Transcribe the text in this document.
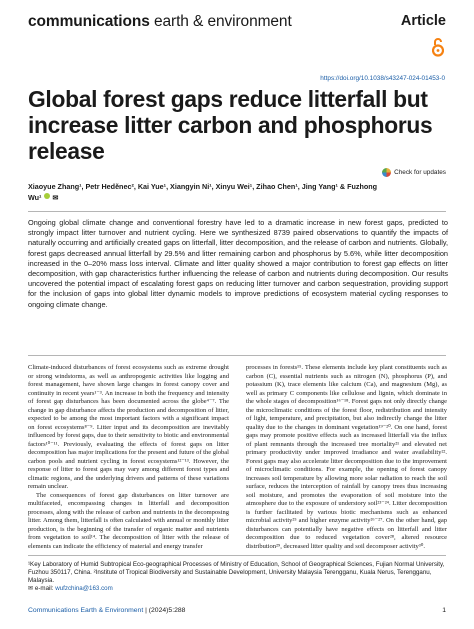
communications earth & environment	Article
https://doi.org/10.1038/s43247-024-01453-0
Global forest gaps reduce litterfall but increase litter carbon and phosphorus release
Check for updates
Xiaoyue Zhang¹, Petr Heděnec², Kai Yue¹, Xiangyin Ni¹, Xinyu Wei¹, Zihao Chen¹, Jing Yang¹ & Fuzhong Wu¹ ✉
Ongoing global climate change and conventional forestry have led to a dramatic increase in new forest gaps, predicted to strongly impact litter turnover and nutrient cycling. Here we synthesized 8739 paired observations to quantify the impacts of naturally occurring and artificially created gaps on litterfall, litter decomposition, and the release of carbon and nutrients. Globally, forest gaps decreased annual litterfall by 29.5% and litter remaining carbon and phosphorus by 5.6%, while litter decomposition increased in the 0–20% mass loss interval. Climate and litter quality showed a major contribution to forest gap effects on litter decomposition, with gap characteristics further influencing the release of carbon and nutrients during decomposition. Our results uncovered the potential impact of escalating forest gaps on reducing litter turnover and carbon sequestration, providing support for the inclusion of gaps into global litter dynamic models to improve predictions of ecosystem material cycling responses to ongoing climate change.

Climate-induced disturbances of forest ecosystems such as extreme drought or strong windstorms, as well as anthropogenic activities like logging and forest management, have shown large changes in forest canopy cover and continuity in recent years¹⁻³. An increase in both the frequency and intensity of forest gap disturbances has been documented across the globe⁴⁻⁷. The change in gap disturbance affects the production and decomposition of litter, expected to be among the most important factors with a significant impact on forest ecosystems⁸⁻⁹. Litter input and its decomposition are inevitably influenced by forest gaps, due to their sensitivity to biotic and environmental factors¹⁰⁻¹¹. Previously, evaluating the effects of forest gaps on litter decomposition has major implications for the present and future of the global carbon pools and nutrient cycling in forest ecosystems¹²⁻¹³. However, the response of litter to forest gaps may vary among different forest types and climatic regions, and the underlying drivers and patterns of these variations remain unclear.

The consequences of forest gap disturbances on litter turnover are multifaceted, encompassing changes in litterfall and decomposition processes, along with the release of carbon and nutrients in the decomposing litter. Among them, litterfall is often calculated with annual or monthly litter production, is the beginning of the transfer of organic matter and nutrients from vegetation to soil¹⁴. The decomposition of litter with the release of elements can indicate the efficiency of material and energy transfer

processes in forests¹⁵. These elements include key plant constituents such as carbon (C), essential nutrients such as nitrogen (N), phosphorus (P), and potassium (K), trace elements like calcium (Ca), and magnesium (Mg), as well as primary C components like cellulose and lignin, which dominate in the whole stages of decomposition¹⁶⁻¹⁸. Forest gaps not only directly change the microclimatic conditions of the forest floor, redistribution and intensity of light, temperature, and precipitation, but also indirectly change the litter quality due to the changes in dominant vegetation¹⁹⁻²⁰. On one hand, forest gaps may promote positive effects such as increased litterfall via the influx of plant remnants through the increased tree mortality²¹ and elevated net primary productivity under improved irradiance and water availability²². Forest gaps may also accelerate litter decomposition due to the improvement of microclimatic conditions. For example, the opening of forest canopy increases soil temperature by allowing more solar radiation to reach the soil surface, reduces the interception of rainfall by canopy trees thus increasing soil moisture, and promotes the evaporation of soil moisture into the atmosphere due to the exposure of understory soil²³⁻²⁴. Litter decomposition is further facilitated by various biotic mechanisms such as enhanced microbial activity²⁵ and higher enzyme activity²⁶⁻²⁷. On the other hand, gap disturbances can potentially have negative effects on litterfall and litter decomposition due to reduced vegetation cover²⁸, altered resource distribution²⁹, decreased litter quality and soil decomposer activity³⁰.

¹Key Laboratory of Humid Subtropical Eco-geographical Processes of Ministry of Education, School of Geographical Sciences, Fujian Normal University, Fuzhou 350117, China. ²Institute of Tropical Biodiversity and Sustainable Development, University Malaysia Terengganu, Kuala Nerus, Terengganu, Malaysia.
✉ e-mail: wufzchina@163.com
Communications Earth & Environment | (2024)5:288	1
